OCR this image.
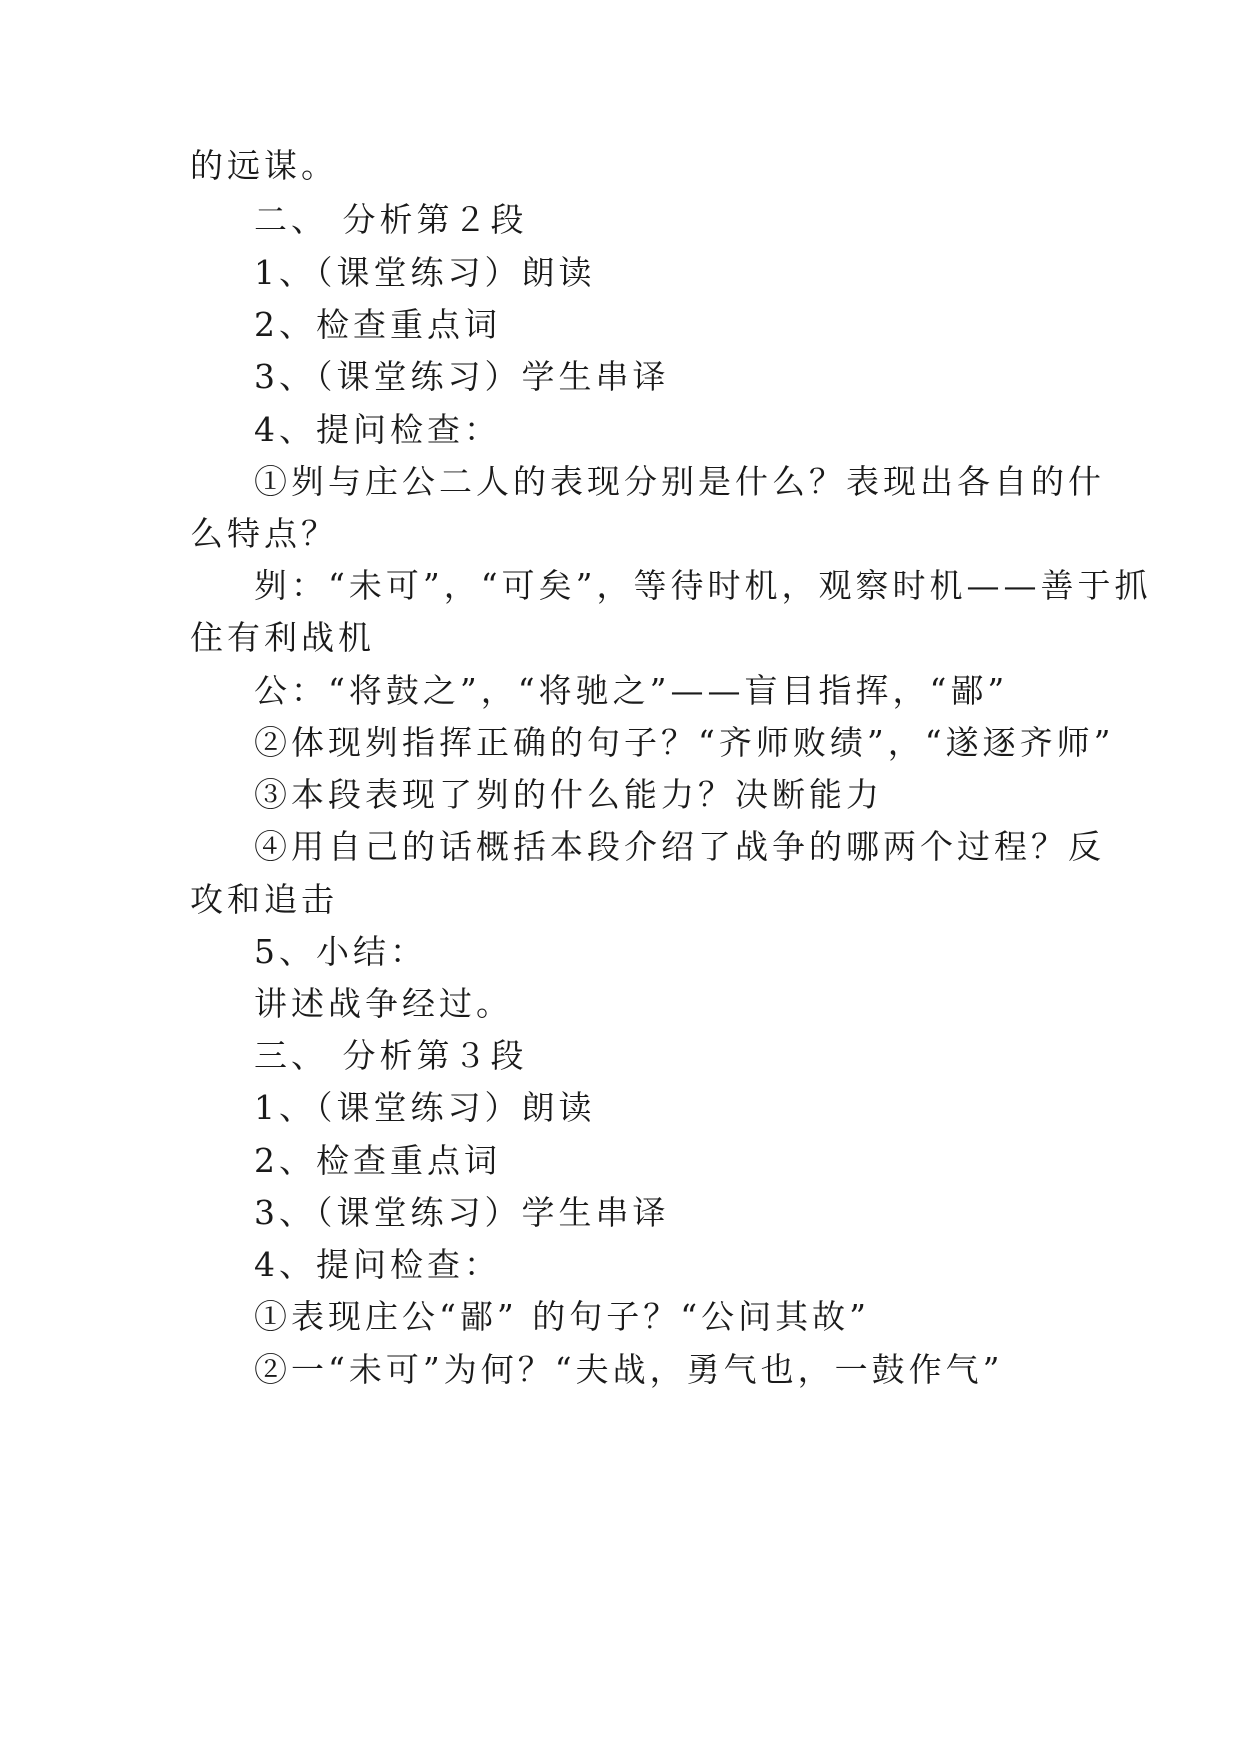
的远谋。
二、 分析第２段
1、（课堂练习）朗读
2、检查重点词
3、（课堂练习）学生串译
4、提问检查：
①刿与庄公二人的表现分别是什么？表现出各自的什
么特点？
刿：“未可”，“可矣”，等待时机，观察时机——善于抓
住有利战机
公：“将鼓之”，“将驰之”——盲目指挥，“鄙”
②体现刿指挥正确的句子？“齐师败绩”，“遂逐齐师”
③本段表现了刿的什么能力？决断能力
④用自己的话概括本段介绍了战争的哪两个过程？反
攻和追击
5、小结：
讲述战争经过。
三、 分析第３段
1、（课堂练习）朗读
2、检查重点词
3、（课堂练习）学生串译
4、提问检查：
①表现庄公“鄙” 的句子？“公问其故”
②一“未可”为何？“夫战，勇气也，一鼓作气”
